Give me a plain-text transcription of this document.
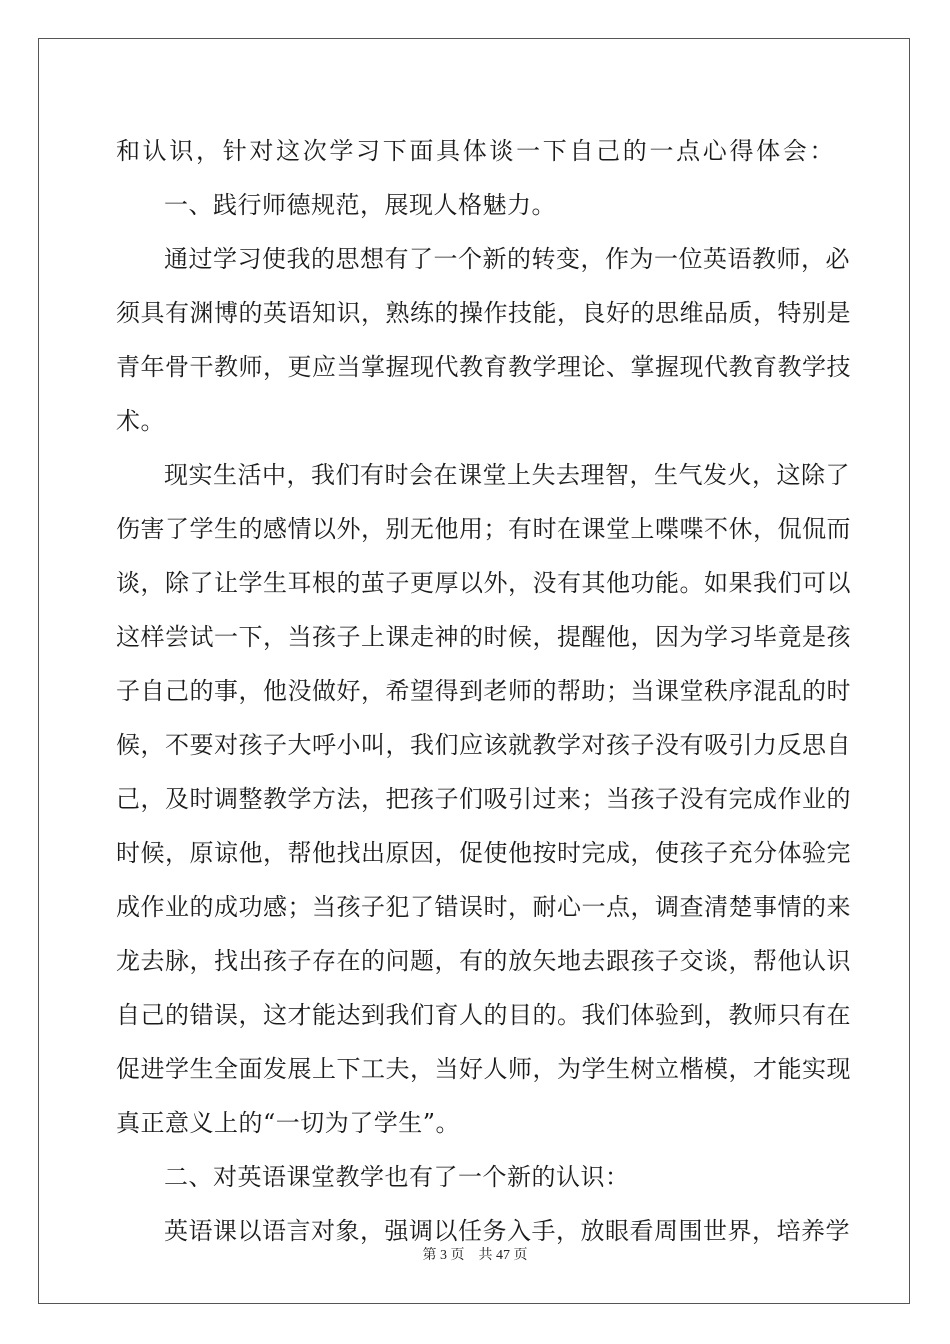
和认识，针对这次学习下面具体谈一下自己的一点心得体会：
一、践行师德规范，展现人格魅力。
通过学习使我的思想有了一个新的转变，作为一位英语教师，必
须具有渊博的英语知识，熟练的操作技能，良好的思维品质，特别是
青年骨干教师，更应当掌握现代教育教学理论、掌握现代教育教学技
术。
现实生活中，我们有时会在课堂上失去理智，生气发火，这除了
伤害了学生的感情以外，别无他用；有时在课堂上喋喋不休，侃侃而
谈，除了让学生耳根的茧子更厚以外，没有其他功能。如果我们可以
这样尝试一下，当孩子上课走神的时候，提醒他，因为学习毕竟是孩
子自己的事，他没做好，希望得到老师的帮助；当课堂秩序混乱的时
候，不要对孩子大呼小叫，我们应该就教学对孩子没有吸引力反思自
己，及时调整教学方法，把孩子们吸引过来；当孩子没有完成作业的
时候，原谅他，帮他找出原因，促使他按时完成，使孩子充分体验完
成作业的成功感；当孩子犯了错误时，耐心一点，调查清楚事情的来
龙去脉，找出孩子存在的问题，有的放矢地去跟孩子交谈，帮他认识
自己的错误，这才能达到我们育人的目的。我们体验到，教师只有在
促进学生全面发展上下工夫，当好人师，为学生树立楷模，才能实现
真正意义上的“一切为了学生”。
二、对英语课堂教学也有了一个新的认识：
英语课以语言对象，强调以任务入手，放眼看周围世界，培养学
第 3 页    共 47 页
